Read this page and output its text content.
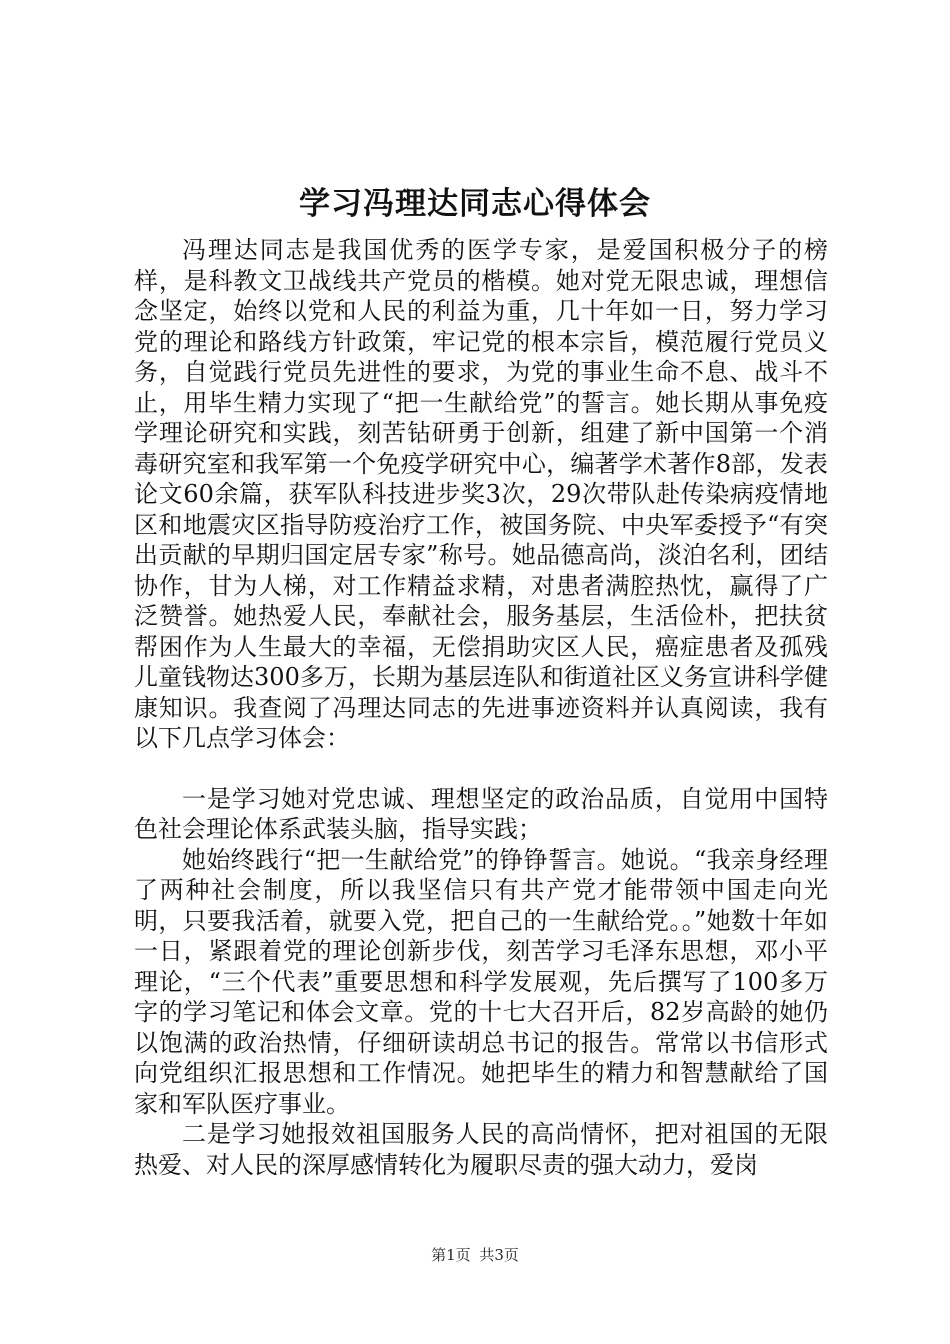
学习冯理达同志心得体会

冯理达同志是我国优秀的医学专家，是爱国积极分子的榜样，是科教文卫战线共产党员的楷模。她对党无限忠诚，理想信念坚定，始终以党和人民的利益为重，几十年如一日，努力学习党的理论和路线方针政策，牢记党的根本宗旨，模范履行党员义务，自觉践行党员先进性的要求，为党的事业生命不息、战斗不止，用毕生精力实现了“把一生献给党”的誓言。她长期从事免疫学理论研究和实践，刻苦钻研勇于创新，组建了新中国第一个消毒研究室和我军第一个免疫学研究中心，编著学术著作8部，发表论文60余篇，获军队科技进步奖3次，29次带队赴传染病疫情地区和地震灾区指导防疫治疗工作，被国务院、中央军委授予“有突出贡献的早期归国定居专家”称号。她品德高尚，淡泊名利，团结协作，甘为人梯，对工作精益求精，对患者满腔热忱，赢得了广泛赞誉。她热爱人民，奉献社会，服务基层，生活俭朴，把扶贫帮困作为人生最大的幸福，无偿捐助灾区人民，癌症患者及孤残儿童钱物达300多万，长期为基层连队和街道社区义务宣讲科学健康知识。我查阅了冯理达同志的先进事迹资料并认真阅读，我有以下几点学习体会：

一是学习她对党忠诚、理想坚定的政治品质，自觉用中国特色社会理论体系武装头脑，指导实践；

她始终践行“把一生献给党”的铮铮誓言。她说。“我亲身经理了两种社会制度，所以我坚信只有共产党才能带领中国走向光明，只要我活着，就要入党，把自己的一生献给党。。”她数十年如一日，紧跟着党的理论创新步伐，刻苦学习毛泽东思想，邓小平理论，“三个代表”重要思想和科学发展观，先后撰写了100多万字的学习笔记和体会文章。党的十七大召开后，82岁高龄的她仍以饱满的政治热情，仔细研读胡总书记的报告。常常以书信形式向党组织汇报思想和工作情况。她把毕生的精力和智慧献给了国家和军队医疗事业。

二是学习她报效祖国服务人民的高尚情怀，把对祖国的无限热爱、对人民的深厚感情转化为履职尽责的强大动力，爱岗

第1页 共3页
